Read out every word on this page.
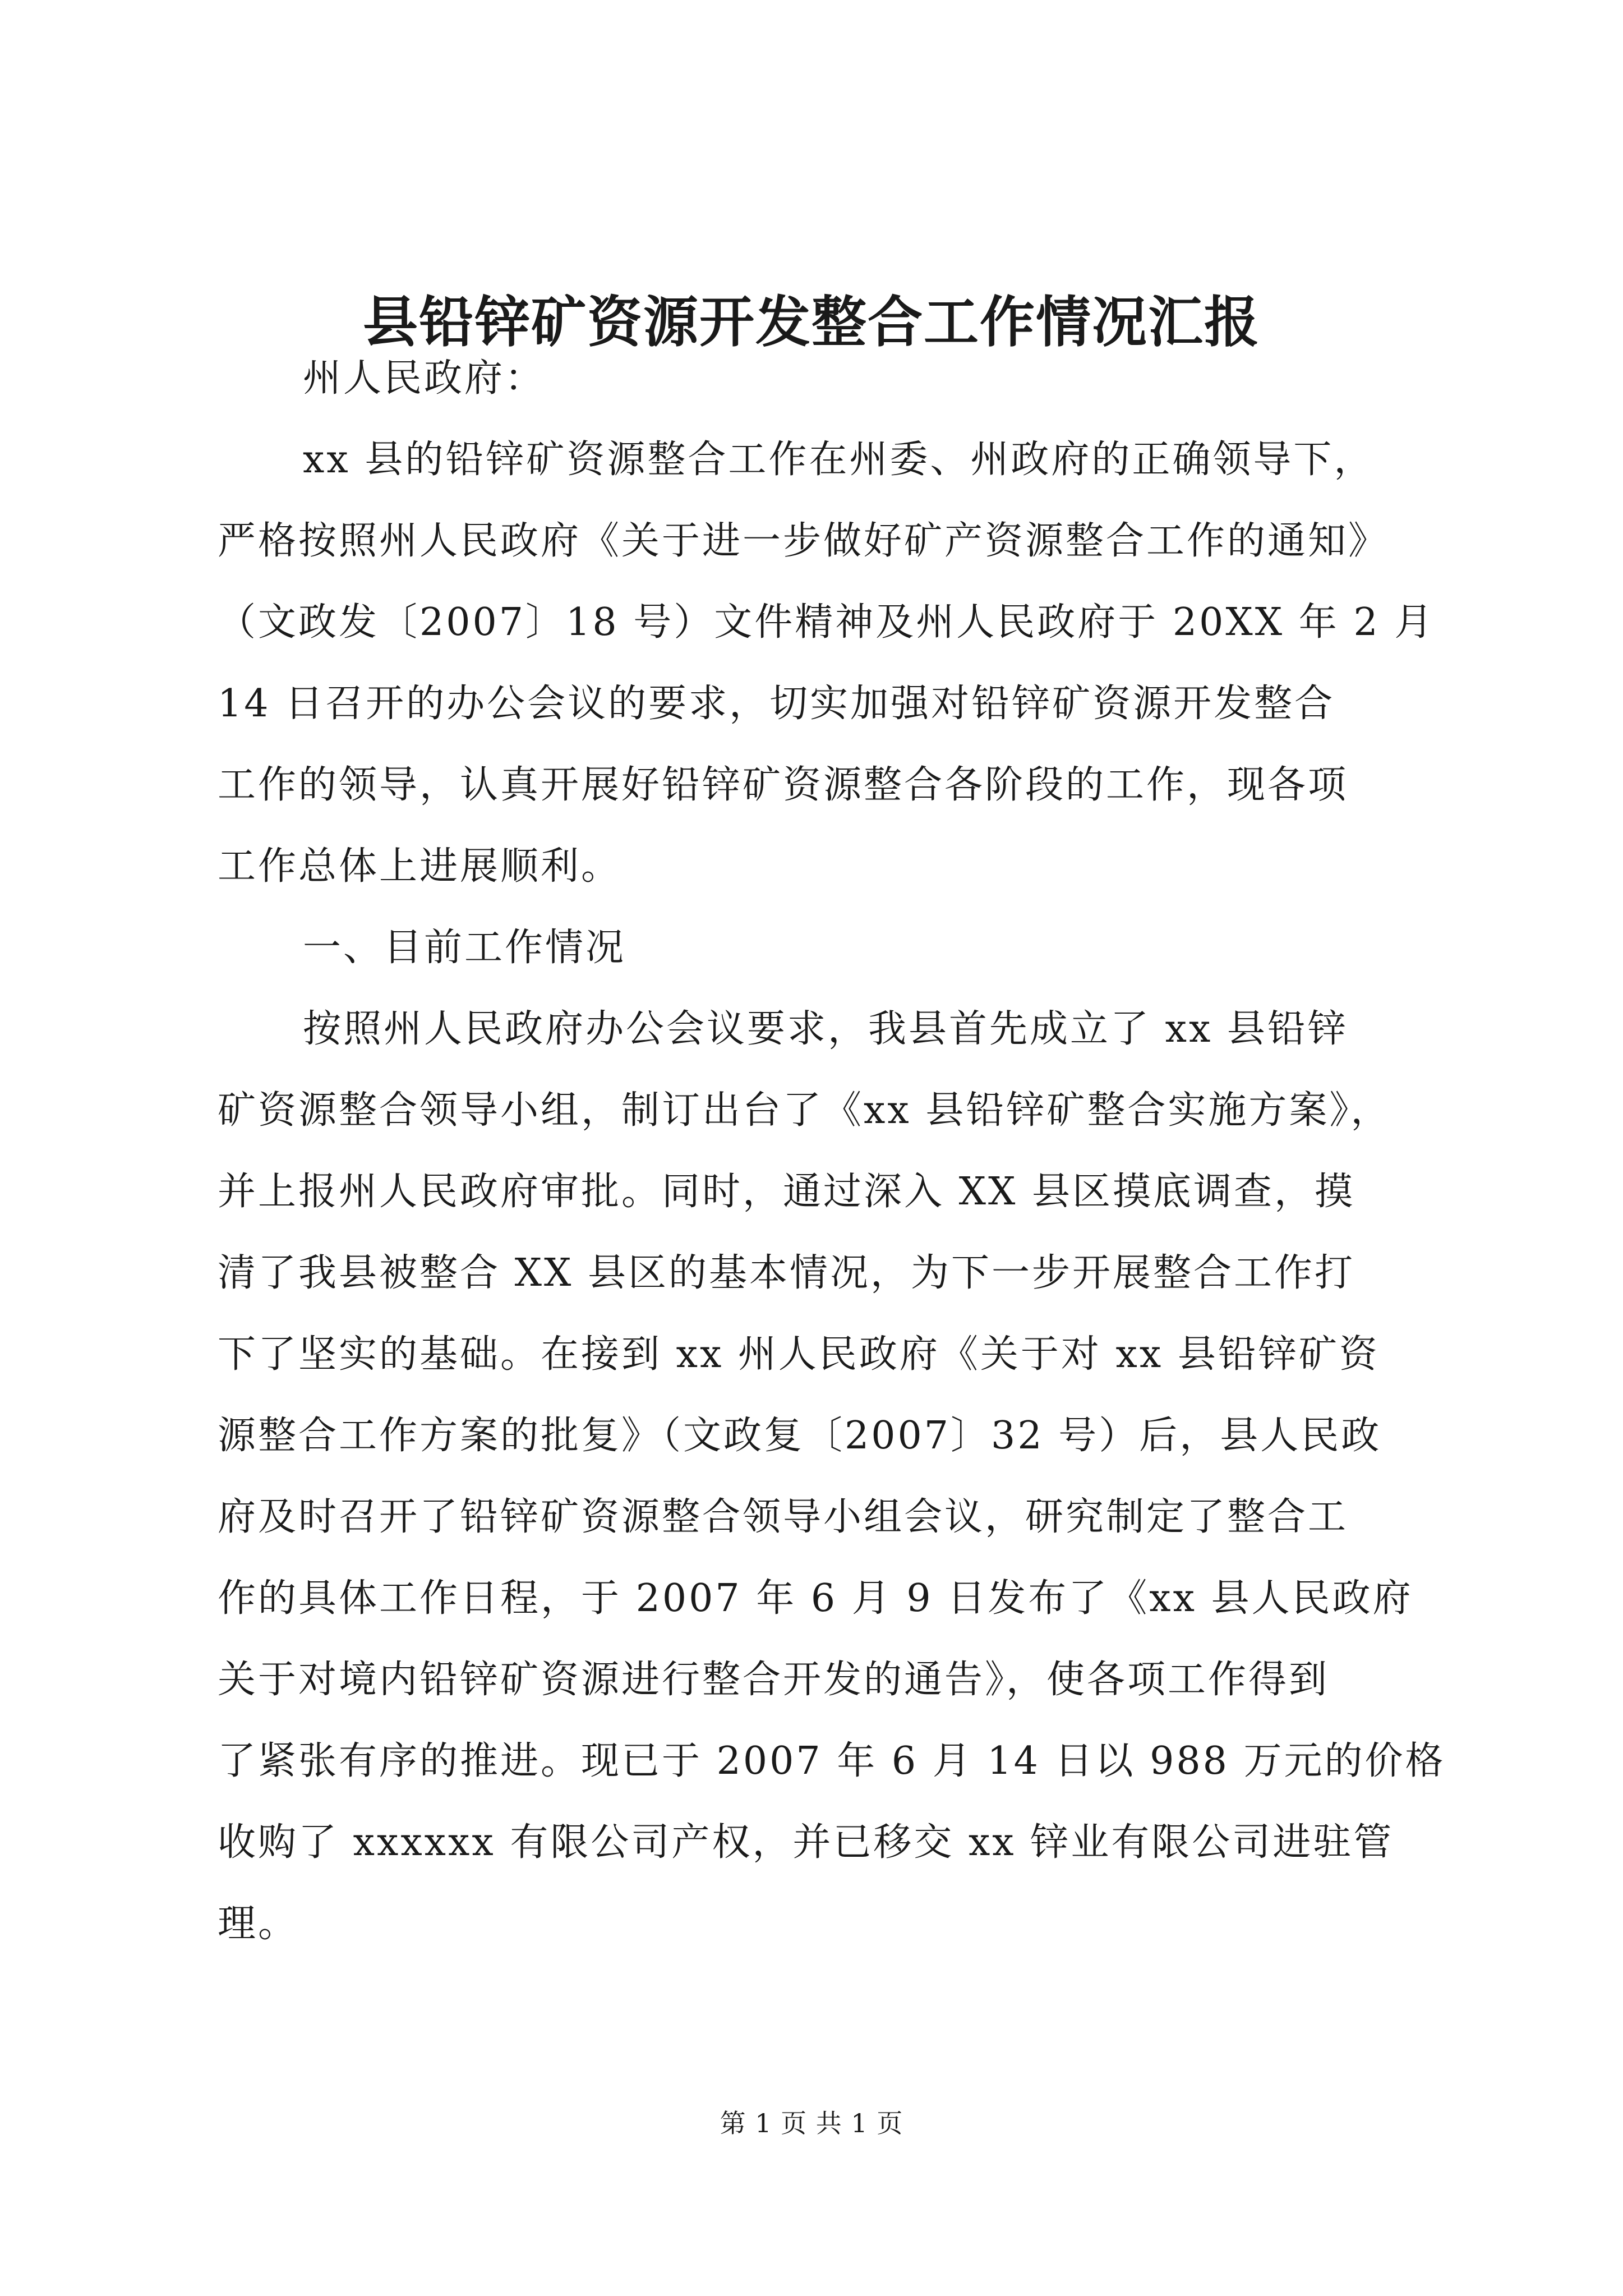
县铅锌矿资源开发整合工作情况汇报
州人民政府：
xx 县的铅锌矿资源整合工作在州委、州政府的正确领导下，
严格按照州人民政府《关于进一步做好矿产资源整合工作的通知》
（文政发〔2007〕18 号）文件精神及州人民政府于 20XX 年 2 月
14 日召开的办公会议的要求，切实加强对铅锌矿资源开发整合
工作的领导，认真开展好铅锌矿资源整合各阶段的工作，现各项
工作总体上进展顺利。
一、目前工作情况
按照州人民政府办公会议要求，我县首先成立了 xx 县铅锌
矿资源整合领导小组，制订出台了《xx 县铅锌矿整合实施方案》，
并上报州人民政府审批。同时，通过深入 XX 县区摸底调查，摸
清了我县被整合 XX 县区的基本情况，为下一步开展整合工作打
下了坚实的基础。在接到 xx 州人民政府《关于对 xx 县铅锌矿资
源整合工作方案的批复》（文政复〔2007〕32 号）后，县人民政
府及时召开了铅锌矿资源整合领导小组会议，研究制定了整合工
作的具体工作日程，于 2007 年 6 月 9 日发布了《xx 县人民政府
关于对境内铅锌矿资源进行整合开发的通告》，使各项工作得到
了紧张有序的推进。现已于 2007 年 6 月 14 日以 988 万元的价格
收购了 xxxxxx 有限公司产权，并已移交 xx 锌业有限公司进驻管
理。
第 1 页 共 1 页
